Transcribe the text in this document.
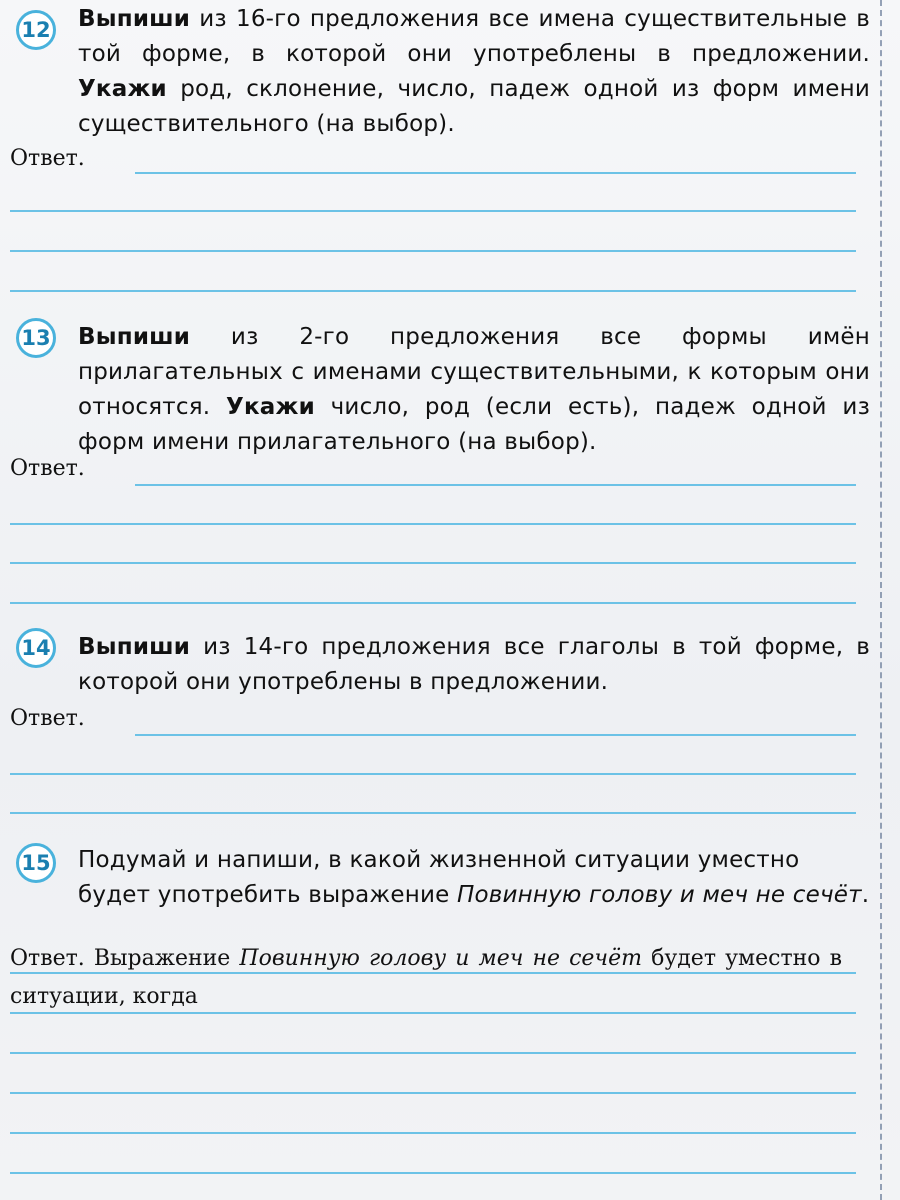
12 Выпиши из 16-го предложения все имена существительные в той форме, в которой они употреблены в предложении. Укажи род, склонение, число, падеж одной из форм имени существительного (на выбор).
Ответ.
13 Выпиши из 2-го предложения все формы имён прилагательных с именами существительными, к которым они относятся. Укажи число, род (если есть), падеж одной из форм имени прилагательного (на выбор).
Ответ.
14 Выпиши из 14-го предложения все глаголы в той форме, в которой они употреблены в предложении.
Ответ.
15 Подумай и напиши, в какой жизненной ситуации уместно будет употребить выражение Повинную голову и меч не сечёт.
Ответ. Выражение Повинную голову и меч не сечёт будет уместно в ситуации, когда
